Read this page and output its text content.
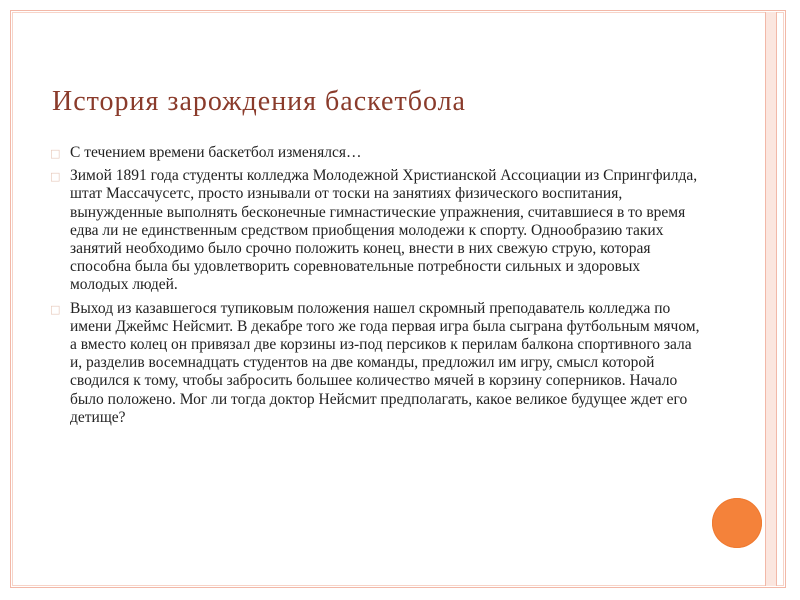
История зарождения баскетбола
□ С течением времени баскетбол изменялся…
□ Зимой 1891 года студенты колледжа Молодежной Христианской Ассоциации из Спрингфилда, штат Массачусетс, просто изнывали от тоски на занятиях физического воспитания, вынужденные выполнять бесконечные гимнастические упражнения, считавшиеся в то время едва ли не единственным средством приобщения молодежи к спорту. Однообразию таких занятий необходимо было срочно положить конец, внести в них свежую струю, которая способна была бы удовлетворить соревновательные потребности сильных и здоровых молодых людей.
□ Выход из казавшегося тупиковым положения нашел скромный преподаватель колледжа по имени Джеймс Нейсмит. В декабре того же года первая игра была сыграна футбольным мячом, а вместо колец он привязал две корзины из-под персиков к перилам балкона спортивного зала и, разделив восемнадцать студентов на две команды, предложил им игру, смысл которой сводился к тому, чтобы забросить большее количество мячей в корзину соперников. Начало было положено. Мог ли тогда доктор Нейсмит предполагать, какое великое будущее ждет его детище?
